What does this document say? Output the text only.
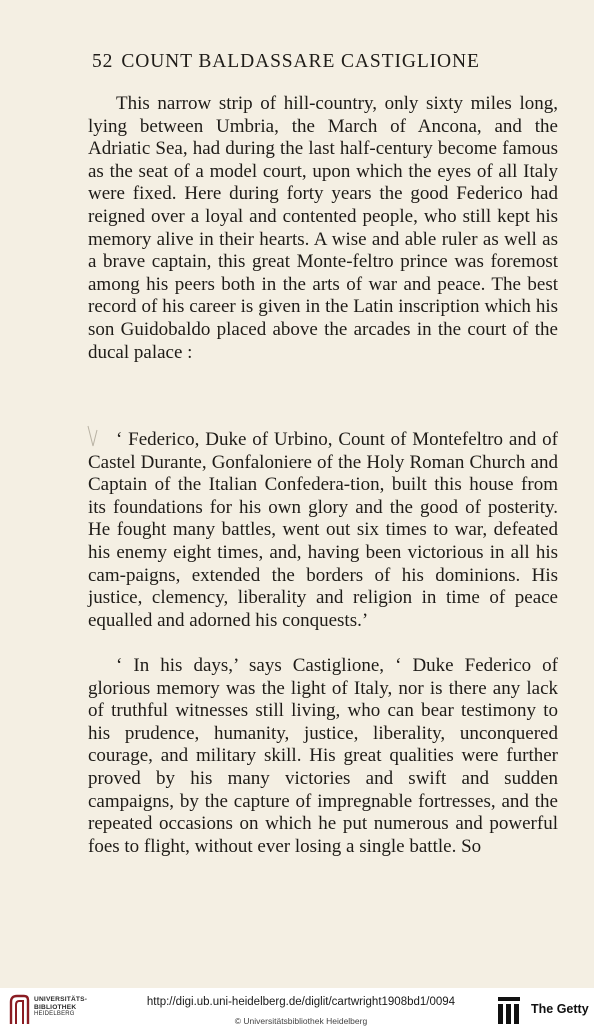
52 COUNT BALDASSARE CASTIGLIONE

This narrow strip of hill-country, only sixty miles long, lying between Umbria, the March of Ancona, and the Adriatic Sea, had during the last half-century become famous as the seat of a model court, upon which the eyes of all Italy were fixed. Here during forty years the good Federico had reigned over a loyal and contented people, who still kept his memory alive in their hearts. A wise and able ruler as well as a brave captain, this great Monte-feltro prince was foremost among his peers both in the arts of war and peace. The best record of his career is given in the Latin inscription which his son Guidobaldo placed above the arcades in the court of the ducal palace :

‘ Federico, Duke of Urbino, Count of Montefeltro and of Castel Durante, Gonfaloniere of the Holy Roman Church and Captain of the Italian Confedera-tion, built this house from its foundations for his own glory and the good of posterity. He fought many battles, went out six times to war, defeated his enemy eight times, and, having been victorious in all his cam-paigns, extended the borders of his dominions. His justice, clemency, liberality and religion in time of peace equalled and adorned his conquests.’

‘ In his days,’ says Castiglione, ‘ Duke Federico of glorious memory was the light of Italy, nor is there any lack of truthful witnesses still living, who can bear testimony to his prudence, humanity, justice, liberality, unconquered courage, and military skill. His great qualities were further proved by his many victories and swift and sudden campaigns, by the capture of impregnable fortresses, and the repeated occasions on which he put numerous and powerful foes to flight, without ever losing a single battle. So

UNIVERSITÄTS-
BIBLIOTHEK
HEIDELBERG
http://digi.ub.uni-heidelberg.de/diglit/cartwright1908bd1/0094
© Universitätsbibliothek Heidelberg
The Getty
